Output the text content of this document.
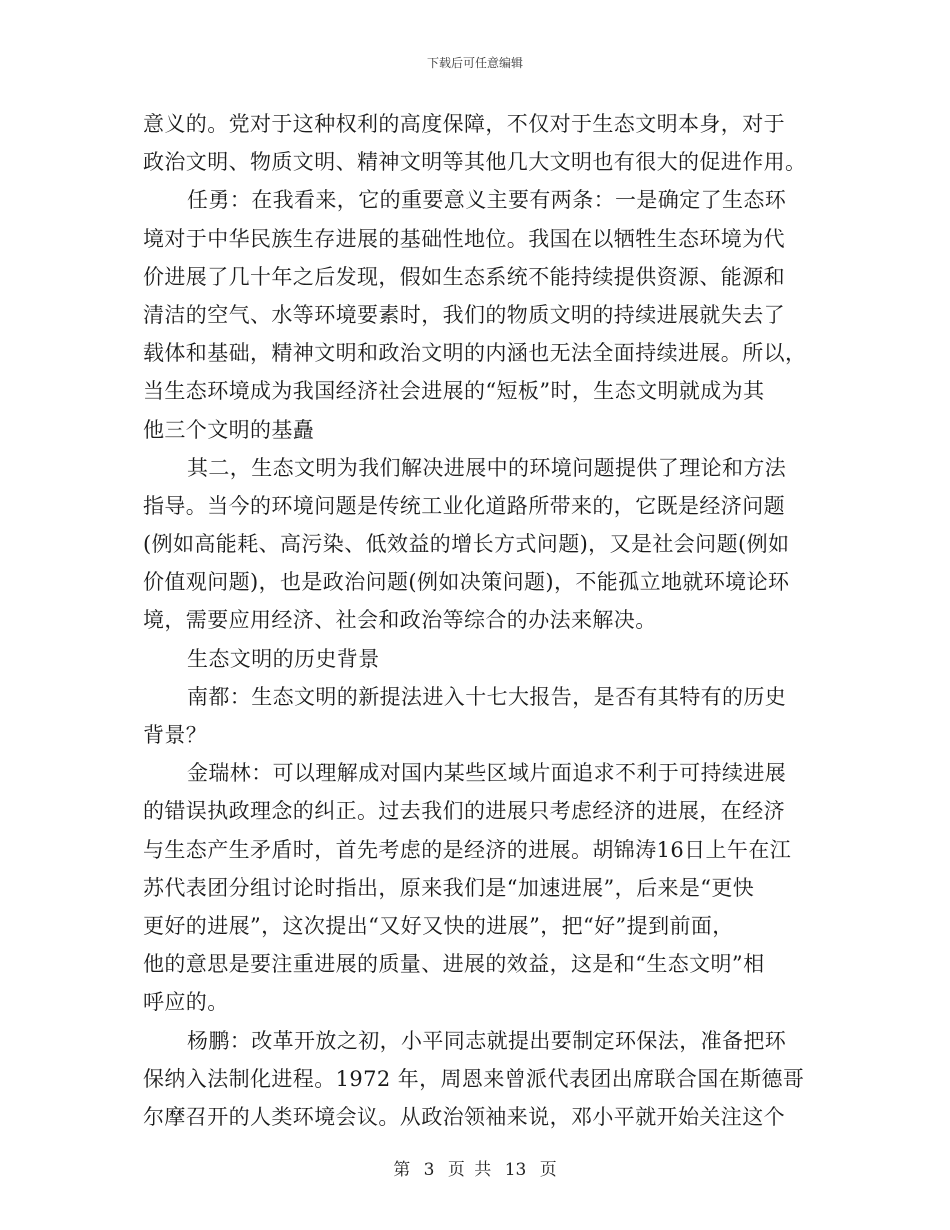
下载后可任意编辑
意义的。党对于这种权利的高度保障，不仅对于生态文明本身，对于
政治文明、物质文明、精神文明等其他几大文明也有很大的促进作用。
任勇：在我看来，它的重要意义主要有两条：一是确定了生态环
境对于中华民族生存进展的基础性地位。我国在以牺牲生态环境为代
价进展了几十年之后发现，假如生态系统不能持续提供资源、能源和
清洁的空气、水等环境要素时，我们的物质文明的持续进展就失去了
载体和基础，精神文明和政治文明的内涵也无法全面持续进展。所以，
当生态环境成为我国经济社会进展的“短板”时，生态文明就成为其
他三个文明的基矗
其二，生态文明为我们解决进展中的环境问题提供了理论和方法
指导。当今的环境问题是传统工业化道路所带来的，它既是经济问题
(例如高能耗、高污染、低效益的增长方式问题)，又是社会问题(例如
价值观问题)，也是政治问题(例如决策问题)，不能孤立地就环境论环
境，需要应用经济、社会和政治等综合的办法来解决。
生态文明的历史背景
南都：生态文明的新提法进入十七大报告，是否有其特有的历史
背景？
金瑞林：可以理解成对国内某些区域片面追求不利于可持续进展
的错误执政理念的纠正。过去我们的进展只考虑经济的进展，在经济
与生态产生矛盾时，首先考虑的是经济的进展。胡锦涛16日上午在江
苏代表团分组讨论时指出，原来我们是“加速进展”，后来是“更快
更好的进展”，这次提出“又好又快的进展”，把“好”提到前面，
他的意思是要注重进展的质量、进展的效益，这是和“生态文明”相
呼应的。
杨鹏：改革开放之初，小平同志就提出要制定环保法，准备把环
保纳入法制化进程。1972 年，周恩来曾派代表团出席联合国在斯德哥
尔摩召开的人类环境会议。从政治领袖来说，邓小平就开始关注这个
第 3 页 共 13 页
